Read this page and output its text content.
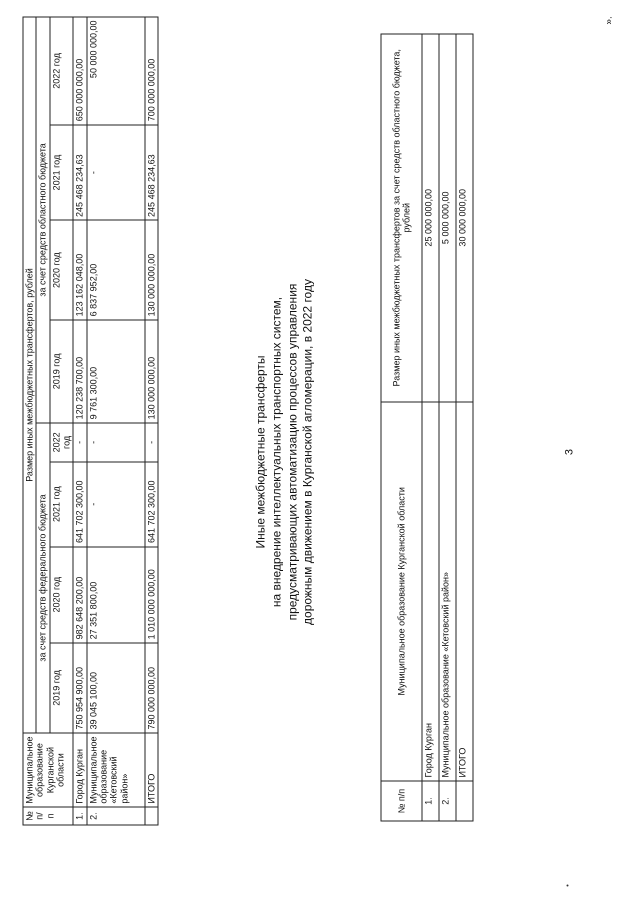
3
№ п/п	Муниципальное образование Курганской области	Размер иных межбюджетных трансфертов, рублей							
		за счет средств федерального бюджета				за счет средств областного бюджета			
		2019 год	2020 год	2021 год	2022 год	2019 год	2020 год	2021 год	2022 год
1.	Город Курган	750 954 900,00	982 648 200,00	641 702 300,00	-	120 238 700,00	123 162 048,00	245 468 234,63	650 000 000,00
2.	Муниципальное образование «Кетовский район»	39 045 100,00	27 351 800,00	-	-	9 761 300,00	6 837 952,00	-	50 000 000,00
	ИТОГО	790 000 000,00	1 010 000 000,00	641 702 300,00	-	130 000 000,00	130 000 000,00	245 468 234,63	700 000 000,00
Иные межбюджетные трансферты на внедрение интеллектуальных транспортных систем, предусматривающих автоматизацию процессов управления дорожным движением в Курганской агломерации, в 2022 году
№ п/п	Муниципальное образование Курганской области	Размер иных межбюджетных трансфертов за счет средств областного бюджета, рублей
1.	Город Курган	25 000 000,00
2.	Муниципальное образование «Кетовский район»	5 000 000,00
	ИТОГО	30 000 000,00
».
